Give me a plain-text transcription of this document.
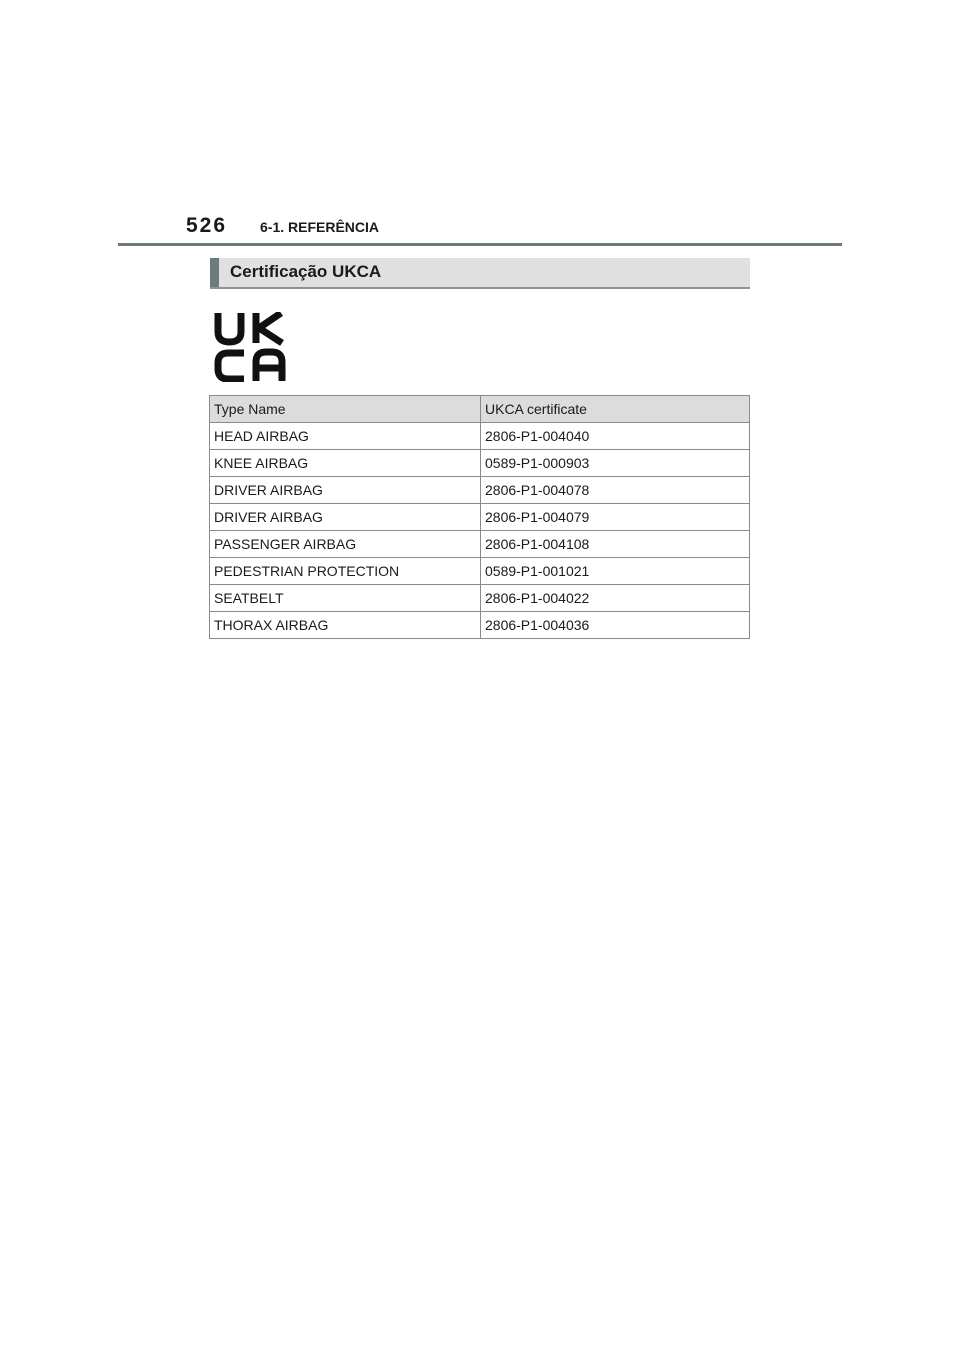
526 6-1. REFERÊNCIA
Certificação UKCA
Type Name	UKCA certificate
HEAD AIRBAG	2806-P1-004040
KNEE AIRBAG	0589-P1-000903
DRIVER AIRBAG	2806-P1-004078
DRIVER AIRBAG	2806-P1-004079
PASSENGER AIRBAG	2806-P1-004108
PEDESTRIAN PROTECTION	0589-P1-001021
SEATBELT	2806-P1-004022
THORAX AIRBAG	2806-P1-004036
